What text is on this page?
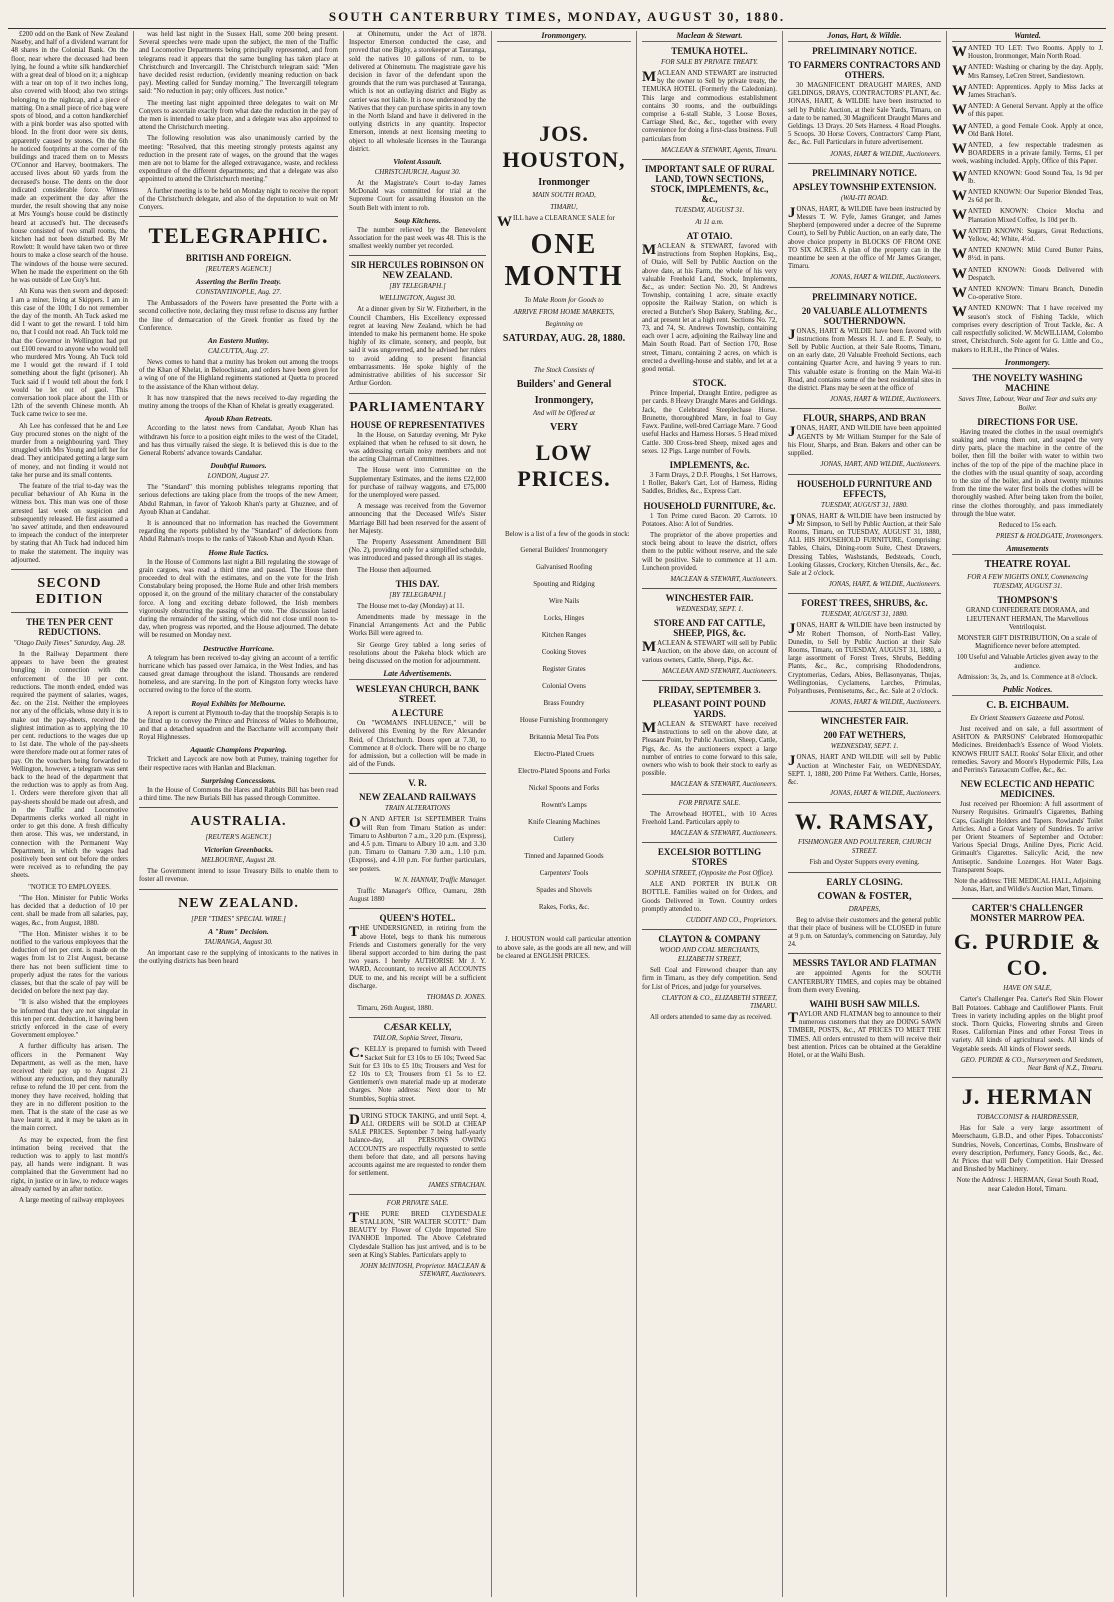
SOUTH CANTERBURY TIMES, MONDAY, AUGUST 30, 1880.

£200 odd on the Bank of New Zealand Naseby, and half of a dividend warrant for 48 shares in the Colonial Bank. On the floor, near where the deceased had been lying, he found a white silk handkerchief with a great deal of blood on it; a nightcap with a tear on top of it two inches long, also covered with blood; also two strings belonging to the nightcap, and a piece of matting. On a small piece of rice bag were spots of blood, and a cotton handkerchief with a pink border was also spotted with blood. In the front door were six dents, apparently caused by stones. On the 6th he noticed footprints at the corner of the buildings and traced them on to Messrs O'Connor and Harvey, bootmakers. The accused lives about 60 yards from the deceased's house. The dents on the door indicated considerable force. Witness made an experiment the day after the murder, the result showing that any noise at Mrs Young's house could be distinctly heard at accused's hut. The deceased's house consisted of two small rooms, the kitchen had not been disturbed. By Mr Rowlett: It would have taken two or three hours to make a close search of the house. The windows of the house were secured. When he made the experiment on the 6th he was outside of Lee Guy's hut.

Ah Kuna was then sworn and deposed: I am a miner, living at Skippers. I am in this case of the 10th; I do not remember the day of the month. Ah Tuck asked me did I want to get the reward. I told him no, that I could not read. Ah Tuck told me that the Governor in Wellington had put out £100 reward to anyone who would tell who murdered Mrs Young. Ah Tuck told me I would get the reward if I told something about the fight (prisoner). Ah Tuck said if I would tell about the fork I would be let out of gaol. This conversation took place about the 11th or 12th of the seventh Chinese month. Ah Tuck came twice to see me.

Ah Lee has confessed that he and Lee Guy procured stones on the night of the murder from a neighbouring yard. They struggled with Mrs Young and left her for dead. They anticipated getting a large sum of money, and not finding it would not take her purse and its small contents.

The feature of the trial to-day was the peculiar behaviour of Ah Kuna in the witness box. This man was one of those arrested last week on suspicion and subsequently released. He first assumed a 'no savee' attitude, and then endeavoured to impeach the conduct of the interpreter by stating that Ah Tuck had induced him to make the statement. The inquiry was adjourned.

SECOND EDITION
THE TEN PER CENT REDUCTIONS.
"Otago Daily Times" Saturday, Aug. 28.

In the Railway Department there appears to have been the greatest bungling in connection with the enforcement of the 10 per cent. reductions. The month ended, ended was required the payment of salaries, wages, &c. on the 21st. Neither the employees nor any of the officials, whose duty it is to make out the pay-sheets, received the slightest intimation as to applying the 10 per cent. reductions to the wages due up to 1st date. The whole of the pay-sheets were therefore made out at former rates of pay. On the vouchers being forwarded to Wellington, however, a telegram was sent back to the head of the department that the reduction was to apply as from Aug. 1. Orders were therefore given that all pay-sheets should be made out afresh, and in the Traffic and Locomotive Departments clerks worked all night in order to get this done. A fresh difficulty then arose. This was, we understand, in connection with the Permanent Way Department, in which the wages had positively been sent out before the orders were received as to refunding the pay sheets.

"NOTICE TO EMPLOYEES.

"The Hon. Minister for Public Works has decided that a deduction of 10 per cent. shall be made from all salaries, pay, wages, &c., from August, 1880.

"The Hon. Minister wishes it to be notified to the various employees that the deduction of ten per cent. is made on the wages from 1st to 21st August, because there has not been sufficient time to properly adjust the rates for the various classes, but that the scale of pay will be decided on before the next pay day.

"It is also wished that the employees be informed that they are not singular in this ten per cent. deduction, it having been strictly enforced in the case of every Government employee."

A further difficulty has arisen. The officers in the Permanent Way Department, as well as the men, have received their pay up to August 21 without any reduction, and they naturally refuse to refund the 10 per cent. from the money they have received, holding that they are in no different position to the men. That is the state of the case as we have learnt it, and it may be taken as in the main correct.

As may be expected, from the first intimation being received that the reduction was to apply to last month's pay, all hands were indignant. It was complained that the Government had no right, in justice or in law, to reduce wages already earned by an after notice.

A large meeting of railway employees

was held last night in the Sussex Hall, some 200 being present. Several speeches were made upon the subject, the men of the Traffic and Locomotive Departments being principally represented, and from telegrams read it appears that the same bungling has taken place at Christchurch and Invercargill. The Christchurch telegram said: "Men have decided resist reduction, (evidently meaning reduction on back pay). Meeting called for Sunday morning." The Invercargill telegram said: "No reduction in pay; only officers. Just notice."

The meeting last night appointed three delegates to wait on Mr Conyers to ascertain exactly from what date the reduction in the pay of the men is intended to take place, and a delegate was also appointed to attend the Christchurch meeting.

The following resolution was also unanimously carried by the meeting: "Resolved, that this meeting strongly protests against any reduction in the present rate of wages, on the ground that the wages men are not to blame for the alleged extravagance, waste, and reckless expenditure of the different departments; and that a delegate was also appointed to attend the Christchurch meeting."

A further meeting is to be held on Monday night to receive the report of the Christchurch delegate, and also of the deputation to wait on Mr Conyers.

TELEGRAPHIC.
BRITISH AND FOREIGN.
[REUTER'S AGENCY.]
Asserting the Berlin Treaty.
CONSTANTINOPLE, Aug. 27.

The Ambassadors of the Powers have presented the Porte with a second collective note, declaring they must refuse to discuss any further the line of demarcation of the Greek frontier as fixed by the Conference.

An Eastern Mutiny.
CALCUTTA, Aug. 27.

News comes to hand that a mutiny has broken out among the troops of the Khan of Khelat, in Beloochistan, and orders have been given for a wing of one of the Highland regiments stationed at Quetta to proceed to the assistance of the Khan without delay.

It has now transpired that the news received to-day regarding the mutiny among the troops of the Khan of Khelat is greatly exaggerated.

Ayoub Khan Retreats.

According to the latest news from Candahar, Ayoub Khan has withdrawn his force to a position eight miles to the west of the Citadel, and has thus virtually raised the siege. It is believed this is due to the General Roberts' advance towards Candahar.

Doubtful Rumors.
LONDON, August 27.

The "Standard" this morning publishes telegrams reporting that serious defections are taking place from the troops of the new Ameer, Abdul Rahman, in favor of Yakoob Khan's party at Ghuznee, and of Ayoub Khan at Candahar.

It is announced that no information has reached the Government regarding the reports published by the "Standard" of defections from Abdul Rahman's troops to the ranks of Yakoob Khan and Ayoub Khan.

Home Rule Tactics.

In the House of Commons last night a Bill regulating the stowage of grain cargoes, was read a third time and passed. The House then proceeded to deal with the estimates, and on the vote for the Irish Constabulary being proposed, the Home Rule and other Irish members opposed it, on the ground of the military character of the constabulary force. A long and exciting debate followed, the Irish members vigorously obstructing the passing of the vote. The discussion lasted during the remainder of the sitting, which did not close until noon to-day, when progress was reported, and the House adjourned. The debate will be resumed on Monday next.

Destructive Hurricane.

A telegram has been received to-day giving an account of a terrific hurricane which has passed over Jamaica, in the West Indies, and has caused great damage throughout the island. Thousands are rendered homeless, and are starving. In the port of Kingston forty wrecks have occurred owing to the force of the storm.

Royal Exhibits for Melbourne.

A report is current at Plymouth to-day that the troopship Serapis is to be fitted up to convey the Prince and Princess of Wales to Melbourne, and that a detached squadron and the Bacchante will accompany their Royal Highnesses.

Aquatic Champions Preparing.

Trickett and Laycock are now both at Putney, training together for their respective races with Hanlan and Blackman.

Surprising Concessions.

In the House of Commons the Hares and Rabbits Bill has been read a third time. The new Burials Bill has passed through Committee.

AUSTRALIA.
[REUTER'S AGENCY.]
Victorian Greenbacks.
MELBOURNE, August 28.

The Government intend to issue Treasury Bills to enable them to foster all revenue.

NEW ZEALAND.
[PER "TIMES" SPECIAL WIRE.]
A "Rum" Decision.
TAURANGA, August 30.

An important case re the supplying of intoxicants to the natives in the outlying districts has been heard

at Ohinemutu, under the Act of 1878. Inspector Emerson conducted the case, and proved that one Bigby, a storekeeper at Tauranga, sold the natives 10 gallons of rum, to be delivered at Ohinemutu. The magistrate gave his decision in favor of the defendant upon the grounds that the rum was purchased at Tauranga, which is not an outlaying district and Bigby as carrier was not liable. It is now understood by the Natives that they can purchase spirits in any town in the North Island and have it delivered in the outlying districts in any quantity. Inspector Emerson, intends at next licensing meeting to object to all wholesale licenses in the Tauranga district.

Violent Assault.
CHRISTCHURCH, August 30.

At the Magistrate's Court to-day James McDonald was committed for trial at the Supreme Court for assaulting Houston on the South Belt with intent to rob.

Soup Kitchens.

The number relieved by the Benevolent Association for the past week was 48. This is the smallest weekly number yet recorded.

SIR HERCULES ROBINSON ON NEW ZEALAND.
[BY TELEGRAPH.]
WELLINGTON, August 30.

At a dinner given by Sir W. Fitzherbert, in the Council Chambers, His Excellency expressed regret at leaving New Zealand, which he had intended to make his permanent home. He spoke highly of its climate, scenery, and people, but said it was ungoverned, and he advised her rulers to avoid adding to present financial embarrassments. He spoke highly of the administrative abilities of his successor Sir Arthur Gordon.

PARLIAMENTARY
HOUSE OF REPRESENTATIVES

In the House, on Saturday evening, Mr Pyke explained that when he refused to sit down, he was addressing certain noisy members and not the acting Chairman of Committees.

The House went into Committee on the Supplementary Estimates, and the items £22,000 for purchase of railway waggons, and £75,000 for the unemployed were passed.

A message was received from the Governor announcing that the Deceased Wife's Sister Marriage Bill had been reserved for the assent of her Majesty.

The Property Assessment Amendment Bill (No. 2), providing only for a simplified schedule, was introduced and passed through all its stages.

The House then adjourned.

THIS DAY.
[BY TELEGRAPH.]

The House met to-day (Monday) at 11.

Amendments made by message in the Financial Arrangements Act and the Public Works Bill were agreed to.

Sir George Grey tabled a long series of resolutions about the Pakeha block which are being discussed on the motion for adjournment.

Late Advertisements.
WESLEYAN CHURCH, BANK STREET.
A LECTURE

On "WOMAN'S INFLUENCE," will be delivered this Evening by the Rev Alexander Reid, of Christchurch. Doors open at 7.30, to Commence at 8 o'clock. There will be no charge for admission, but a collection will be made in aid of the Funds.

V. R.
NEW ZEALAND RAILWAYS
TRAIN ALTERATIONS

ON AND AFTER 1st SEPTEMBER Trains will Run from Timaru Station as under: Timaru to Ashburton 7 a.m., 3.20 p.m. (Express), and 4.5 p.m. Timaru to Albury 10 a.m. and 3.30 p.m. Timaru to Oamaru 7.30 a.m., 1.10 p.m. (Express), and 4.10 p.m. For further particulars, see posters.

W. N. HANNAY, Traffic Manager.

Traffic Manager's Office, Oamaru, 28th August 1880

QUEEN'S HOTEL.

THE UNDERSIGNED, in retiring from the above Hotel, begs to thank his numerous Friends and Customers generally for the very liberal support accorded to him during the past two years. I hereby AUTHORISE Mr J. Y. WARD, Accountant, to receive all ACCOUNTS DUE to me, and his receipt will be a sufficient discharge.

THOMAS D. JONES.

Timaru, 26th August, 1880.

CÆSAR KELLY,
TAILOR, Sophia Street, Timaru,

C.KELLY is prepared to furnish with Tweed Sacket Suit for £3 10s to £6 10s; Tweed Sac Suit for £3 10s to £5 10s; Trousers and Vest for £2 10s to £3; Trousers from £1 5s to £2. Gentlemen's own material made up at moderate charges. Note address: Next door to Mr Stumbles, Sophia street.

DURING STOCK TAKING, and until Sept. 4, ALL ORDERS will be SOLD at CHEAP SALE PRICES. September 7 being half-yearly balance-day, all PERSONS OWING ACCOUNTS are respectfully requested to settle them before that date, and all persons having accounts against me are requested to render them for settlement.

JAMES STRACHAN.

FOR PRIVATE SALE.

THE PURE BRED CLYDESDALE STALLION, "SIR WALTER SCOTT." Dam BEAUTY by Flower of Clyde Imported Sire IVANHOE Imported. The Above Celebrated Clydesdale Stallion has just arrived, and is to be seen at King's Stables. Particulars apply to

JOHN McINTOSH, Proprietor. MACLEAN & STEWART, Auctioneers.

Ironmongery.
JOS. HOUSTON,
Ironmonger
MAIN SOUTH ROAD,
TIMARU,

WILL have a CLEARANCE SALE for

ONE MONTH
To Make Room for Goods to
ARRIVE FROM HOME MARKETS,
Beginning on
SATURDAY, AUG. 28, 1880.
The Stock Consists of
Builders' and General
Ironmongery,
And will be Offered at
VERY
LOW PRICES.

Below is a list of a few of the goods in stock:

General Builders' Ironmongery

Galvanised Roofing

Spouting and Ridging

Wire Nails

Locks, Hinges

Kitchen Ranges

Cooking Stoves

Register Grates

Colonial Ovens

Brass Foundry

House Furnishing Ironmongery

Britannia Metal Tea Pots

Electro-Plated Cruets

Electro-Plated Spoons and Forks

Nickel Spoons and Forks

Rowntt's Lamps

Knife Cleaning Machines

Cutlery

Tinned and Japanned Goods

Carpenters' Tools

Spades and Shovels

Rakes, Forks, &c.

J. HOUSTON would call particular attention to above sale, as the goods are all new, and will be cleared at ENGLISH PRICES.

Maclean & Stewart.
TEMUKA HOTEL.
FOR SALE BY PRIVATE TREATY.

MACLEAN AND STEWART are instructed by the owner to Sell by private treaty, the TEMUKA HOTEL (Formerly the Caledonian). This large and commodious establishment contains 30 rooms, and the outbuildings comprise a 6-stall Stable, 3 Loose Boxes, Carriage Shed, &c., &c., together with every convenience for doing a first-class business. Full particulars from

MACLEAN & STEWART, Agents, Timaru.

IMPORTANT SALE OF RURAL LAND, TOWN SECTIONS, STOCK, IMPLEMENTS, &c., &c.,
TUESDAY, AUGUST 31.
At 11 a.m.
AT OTAIO.

MACLEAN & STEWART, favored with instructions from Stephen Hopkins, Esq., of Otaio, will Sell by Public Auction on the above date, at his Farm, the whole of his very valuable Freehold Land, Stock, Implements, &c., as under: Section No. 20, St Andrews Township, containing 1 acre, situate exactly opposite the Railway Station, on which is erected a Butcher's Shop Bakery, Stabling, &c., and at present let at a high rent. Sections No. 72, 73, and 74, St. Andrews Township, containing each over 1 acre, adjoining the Railway line and Main South Road. Part of Section 170, Rose street, Timaru, containing 2 acres, on which is erected a dwelling-house and stable, and let at a good rental.

STOCK.

Prince Imperial, Draught Entire, pedigree as per cards. 8 Heavy Draught Mares and Geldings. Jack, the Celebrated Steeplechase Horse. Brunette, thoroughbred Mare, in foal to Guy Fawx. Pauline, well-bred Carriage Mare. 7 Good useful Hacks and Harness Horses. 5 Head mixed Cattle. 300 Cross-bred Sheep, mixed ages and sexes. 12 Pigs. Large number of Fowls.

IMPLEMENTS, &c.

3 Farm Drays, 2 D.F. Ploughs, 1 Set Harrows, 1 Roller, Baker's Cart, Lot of Harness, Riding Saddles, Bridles, &c., Express Cart.

HOUSEHOLD FURNITURE, &c.

1 Ton Prime cured Bacon. 20 Carrots. 10 Potatoes. Also: A lot of Sundries.

The proprietor of the above properties and stock being about to leave the district, offers them to the public without reserve, and the sale will be positive. Sale to commence at 11 a.m. Luncheon provided.

MACLEAN & STEWART, Auctioneers.

WINCHESTER FAIR.
WEDNESDAY, SEPT. 1.
STORE AND FAT CATTLE, SHEEP, PIGS, &c.

MACLEAN & STEWART will sell by Public Auction, on the above date, on account of various owners, Cattle, Sheep, Pigs, &c.

MACLEAN AND STEWART, Auctioneers.

FRIDAY, SEPTEMBER 3.
PLEASANT POINT POUND YARDS.

MACLEAN & STEWART have received instructions to sell on the above date, at Pleasant Point, by Public Auction, Sheep, Cattle, Pigs, &c. As the auctioneers expect a large number of entries to come forward to this sale, owners who wish to book their stock to early as possible.

MACLEAN & STEWART, Auctioneers.

FOR PRIVATE SALE.

The Arrowhead HOTEL, with 10 Acres Freehold Land. Particulars apply to

MACLEAN & STEWART, Auctioneers.

EXCELSIOR BOTTLING STORES
SOPHIA STREET, (Opposite the Post Office).

ALE AND PORTER IN BULK OR BOTTLE. Families waited on for Orders, and Goods Delivered in Town. Country orders promptly attended to.

CUDDIT AND CO., Proprietors.

CLAYTON & COMPANY
WOOD AND COAL MERCHANTS, ELIZABETH STREET,

Sell Coal and Firewood cheaper than any firm in Timaru, as they defy competition. Send for List of Prices, and judge for yourselves.

CLAYTON & CO., ELIZABETH STREET, TIMARU.

All orders attended to same day as received.

Jonas, Hart, & Wildie.
PRELIMINARY NOTICE.
TO FARMERS CONTRACTORS AND OTHERS.

30 MAGNIFICENT DRAUGHT MARES, AND GELDINGS, DRAYS, CONTRACTORS' PLANT, &c. JONAS, HART, & WILDIE have been instructed to sell by Public Auction, at their Sale Yards, Timaru, on a date to be named, 30 Magnificent Draught Mares and Geldings. 13 Drays. 20 Sets Harness. 4 Road Ploughs. 5 Scoops. 30 Horse Covers, Contractors' Camp Plant, &c., &c. Full Particulars in future advertisement.

JONAS, HART & WILDIE, Auctioneers.

PRELIMINARY NOTICE.
APSLEY TOWNSHIP EXTENSION.
(WAI-ITI ROAD.

JONAS, HART, & WILDIE have been instructed by Messrs T. W. Fyfe, James Granger, and James Shepherd (empowered under a decree of the Supreme Court), to Sell by Public Auction, on an early date, The above choice property in BLOCKS OF FROM ONE TO SIX ACRES. A plan of the property can in the meantime be seen at the office of Mr James Granger, Timaru.

JONAS, HART & WILDIE, Auctioneers.

PRELIMINARY NOTICE.
20 VALUABLE ALLOTMENTS SOUTHERNDOWN.

JONAS, HART & WILDIE have been favored with instructions from Messrs H. J. and E. P. Sealy, to Sell by Public Auction, at their Sale Rooms, Timaru, on an early date, 20 Valuable Freehold Sections, each containing Quarter Acre, and having 9 years to run. This valuable estate is fronting on the Main Wai-iti Road, and contains some of the best residential sites in the district. Plans may be seen at the office of

JONAS, HART & WILDIE, Auctioneers.

FLOUR, SHARPS, AND BRAN

JONAS, HART, AND WILDIE have been appointed AGENTS by Mr William Stumper for the Sale of his Flour, Sharps, and Bran. Bakers and other can be supplied.

JONAS, HART, AND WILDIE, Auctioneers.

HOUSEHOLD FURNITURE AND EFFECTS,
TUESDAY, AUGUST 31, 1880.

JONAS, HART & WILDIE have been instructed by Mr Simpson, to Sell by Public Auction, at their Sale Rooms, Timaru, on TUESDAY, AUGUST 31, 1880, ALL HIS HOUSEHOLD FURNITURE, Comprising: Tables, Chairs, Dining-room Suite, Chest Drawers, Dressing Tables, Washstands, Bedsteads, Couch, Looking Glasses, Crockery, Kitchen Utensils, &c., &c. Sale at 2 o'clock.

JONAS, HART, & WILDIE, Auctioneers.

FOREST TREES, SHRUBS, &c.
TUESDAY, AUGUST 31, 1880.

JONAS, HART & WILDIE have been instructed by Mr Robert Thomson, of North-East Valley, Dunedin, to Sell by Public Auction at their Sale Rooms, Timaru, on TUESDAY, AUGUST 31, 1880, a large assortment of Forest Trees, Shrubs, Bedding Plants, &c., &c., comprising Rhododendrons, Cryptomerias, Cedars, Abies, Bellasonyanas, Thujas, Wellingtonias, Cyclamens, Larches, Primulas, Polyanthuses, Pennisetums, &c., &c. Sale at 2 o'clock.

JONAS, HART & WILDIE, Auctioneers.

WINCHESTER FAIR.
200 FAT WETHERS,
WEDNESDAY, SEPT. 1.

JONAS, HART AND WILDIE will sell by Public Auction at Winchester Fair, on WEDNESDAY, SEPT. 1, 1880, 200 Prime Fat Wethers. Cattle, Horses, &c.

JONAS, HART & WILDIE, Auctioneers.

W. RAMSAY,
FISHMONGER AND POULTERER, CHURCH STREET.

Fish and Oyster Suppers every evening.

EARLY CLOSING.
COWAN & FOSTER,
DRAPERS,

Beg to advise their customers and the general public that their place of business will be CLOSED in future at 9 p.m. on Saturday's, commencing on Saturday, July 24.

MESSRS TAYLOR AND FLATMAN

are appointed Agents for the SOUTH CANTERBURY TIMES, and copies may be obtained from them every Evening.

WAIHI BUSH SAW MILLS.

TAYLOR AND FLATMAN beg to announce to their numerous customers that they are DOING SAWN TIMBER, POSTS, &c., AT PRICES TO MEET THE TIMES. All orders entrusted to them will receive their best attention. Prices can be obtained at the Geraldine Hotel, or at the Waihi Bush.

Wanted.

WANTED TO LET: Two Rooms. Apply to J. Houston, Ironmonger, Main North Road.

WANTED: Washing or charing by the day. Apply, Mrs Ramsey, LeCren Street, Sandiestown.

WANTED: Apprentices. Apply to Miss Jacks at James Strachan's.

WANTED: A General Servant. Apply at the office of this paper.

WANTED, a good Female Cook. Apply at once, Old Bank Hotel.

WANTED, a few respectable tradesmen as BOARDERS in a private family. Terms, £1 per week, washing included. Apply, Office of this Paper.

WANTED KNOWN: Good Sound Tea, 1s 9d per lb.

WANTED KNOWN: Our Superior Blended Teas, 2s 6d per lb.

WANTED KNOWN: Choice Mocha and Plantation Mixed Coffee, 1s 10d per lb.

WANTED KNOWN: Sugars, Great Reductions, Yellow, 4d; White, 4½d.

WANTED KNOWN: Mild Cured Butter Pains, 8½d. in pans.

WANTED KNOWN: Goods Delivered with Despatch.

WANTED KNOWN: Timaru Branch, Dunedin Co-operative Store.

WANTED KNOWN: That I have received my season's stock of Fishing Tackle, which comprises every description of Trout Tackle, &c. A call respectfully solicited. W. McWILLIAM, Colombo street, Christchurch. Sole agent for G. Little and Co., makers to H.R.H., the Prince of Wales.

Ironmongery.
THE NOVELTY WASHING MACHINE
Saves Time, Labour, Wear and Tear and suits any Boiler.
DIRECTIONS FOR USE.

Having treated the clothes in the usual overnight's soaking and wrung them out, and soaped the very dirty parts, place the machine in the centre of the boiler, then fill the boiler with water to within two inches of the top of the pipe of the machine place in the clothes with the usual quantity of soap, according to the size of the boiler, and in about twenty minutes from the time the water first boils the clothes will be thoroughly washed. After being taken from the boiler, rinse the clothes thoroughly, and pass immediately through the blue water.

Reduced to 15s each.

PRIEST & HOLDGATE, Ironmongers.

Amusements
THEATRE ROYAL
FOR A FEW NIGHTS ONLY, Commencing TUESDAY, AUGUST 31.
THOMPSON'S

GRAND CONFEDERATE DIORAMA, and LIEUTENANT HERMAN, The Marvellous Ventriloquist.

MONSTER GIFT DISTRIBUTION, On a scale of Magnificence never before attempted.

100 Useful and Valuable Articles given away to the audience.

Admission: 3s, 2s, and 1s. Commence at 8 o'clock.

Public Notices.
C. B. EICHBAUM.
Ex Orient Steamers Gazeene and Potosi.

Just received and on sale, a full assortment of ASHTON & PARSONS' Celebrated Homœopathic Medicines. Breidenbach's Essence of Wood Violets. KNOWS FRUIT SALT. Rooks' Solar Elixir, and other remedies. Savory and Moore's Hypodermic Pills, Lea and Perrins's Taraxacum Coffee, &c., &c.

NEW ECLECTIC AND HEPATIC MEDICINES.

Just received per Rhoemion: A full assortment of Nursery Requisites. Grimault's Cigarettes, Bathing Caps, Gaslight Holders and Tapers. Rowlands' Toilet Articles. And a Great Variety of Sundries. To arrive per Orient Steamers of September and October: Various Special Drugs, Aniline Dyes, Picric Acid. Grimault's Cigarettes. Salicylic Acid, the new Antiseptic. Sandoine Lozenges. Hot Water Bags. Transparent Soaps.

Note the address: THE MEDICAL HALL, Adjoining Jonas, Hart, and Wildie's Auction Mart, Timaru.

CARTER'S CHALLENGER MONSTER MARROW PEA.
G. PURDIE & CO.
HAVE ON SALE,

Carter's Challenger Pea. Carter's Red Skin Flower Ball Potatoes. Cabbage and Cauliflower Plants. Fruit Trees in variety including apples on the blight proof stock. Thorn Quicks, Flowering shrubs and Green Roses. Californian Pines and other Forest Trees in variety. All kinds of agricultural seeds. All kinds of Vegetable seeds. All kinds of Flower seeds.

GEO. PURDIE & CO., Nurserymen and Seedsmen, Near Bank of N.Z., Timaru.

J. HERMAN
TOBACCONIST & HAIRDRESSER,

Has for Sale a very large assortment of Meerschaum, G.B.D., and other Pipes. Tobacconists' Sundries, Novels, Concertinas, Combs, Brushware of every description, Perfumery, Fancy Goods, &c., &c. At Prices that will Defy Competition. Hair Dressed and Brushed by Machinery.

Note the Address: J. HERMAN, Great South Road, near Caledon Hotel, Timaru.
